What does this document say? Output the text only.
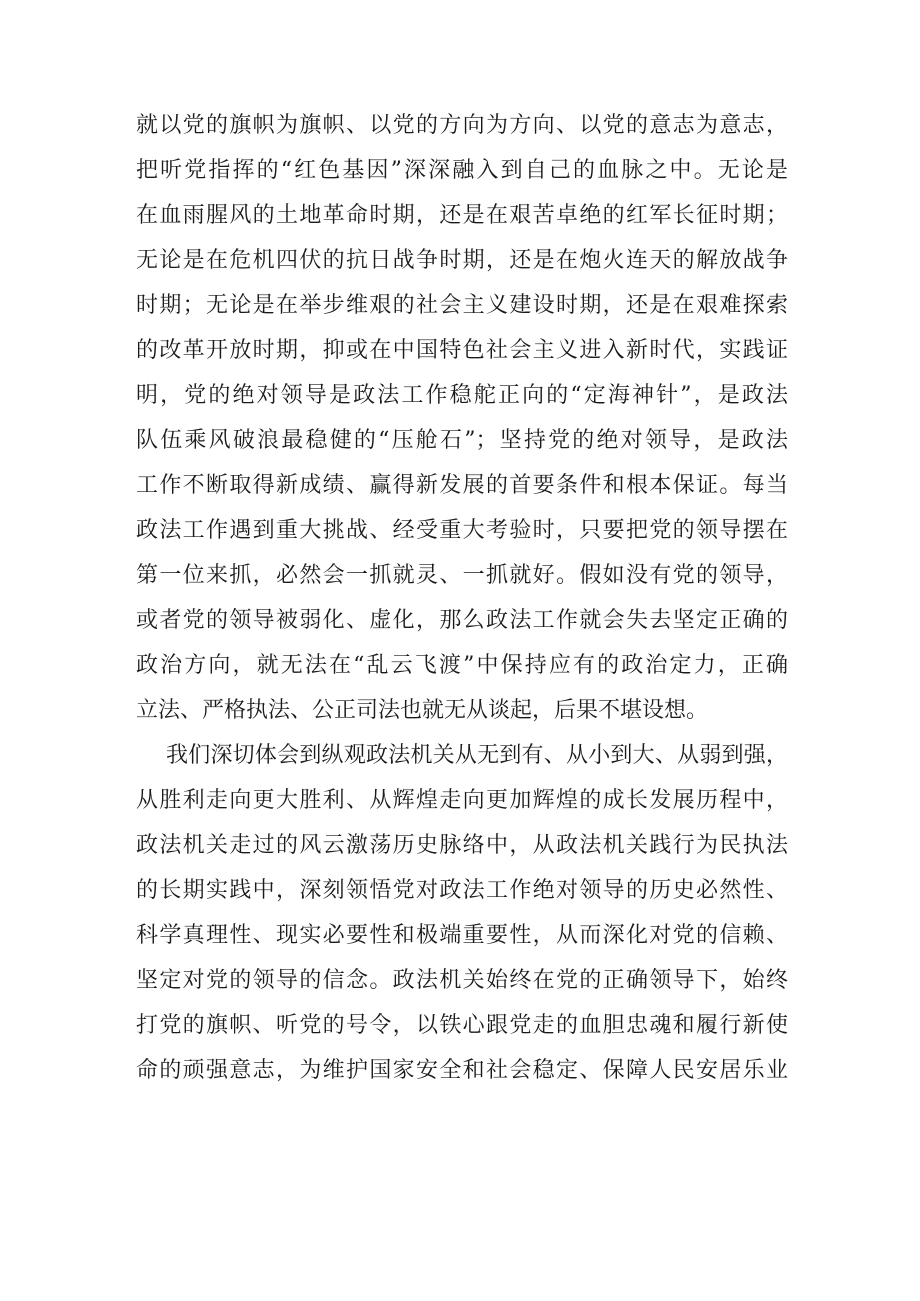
就以党的旗帜为旗帜、以党的方向为方向、以党的意志为意志，
把听党指挥的“红色基因”深深融入到自己的血脉之中。无论是
在血雨腥风的土地革命时期，还是在艰苦卓绝的红军长征时期；
无论是在危机四伏的抗日战争时期，还是在炮火连天的解放战争
时期；无论是在举步维艰的社会主义建设时期，还是在艰难探索
的改革开放时期，抑或在中国特色社会主义进入新时代，实践证
明，党的绝对领导是政法工作稳舵正向的“定海神针”，是政法
队伍乘风破浪最稳健的“压舱石”；坚持党的绝对领导，是政法
工作不断取得新成绩、赢得新发展的首要条件和根本保证。每当
政法工作遇到重大挑战、经受重大考验时，只要把党的领导摆在
第一位来抓，必然会一抓就灵、一抓就好。假如没有党的领导，
或者党的领导被弱化、虚化，那么政法工作就会失去坚定正确的
政治方向，就无法在“乱云飞渡”中保持应有的政治定力，正确
立法、严格执法、公正司法也就无从谈起，后果不堪设想。
我们深切体会到纵观政法机关从无到有、从小到大、从弱到强，
从胜利走向更大胜利、从辉煌走向更加辉煌的成长发展历程中，
政法机关走过的风云激荡历史脉络中，从政法机关践行为民执法
的长期实践中，深刻领悟党对政法工作绝对领导的历史必然性、
科学真理性、现实必要性和极端重要性，从而深化对党的信赖、
坚定对党的领导的信念。政法机关始终在党的正确领导下，始终
打党的旗帜、听党的号令，以铁心跟党走的血胆忠魂和履行新使
命的顽强意志，为维护国家安全和社会稳定、保障人民安居乐业
